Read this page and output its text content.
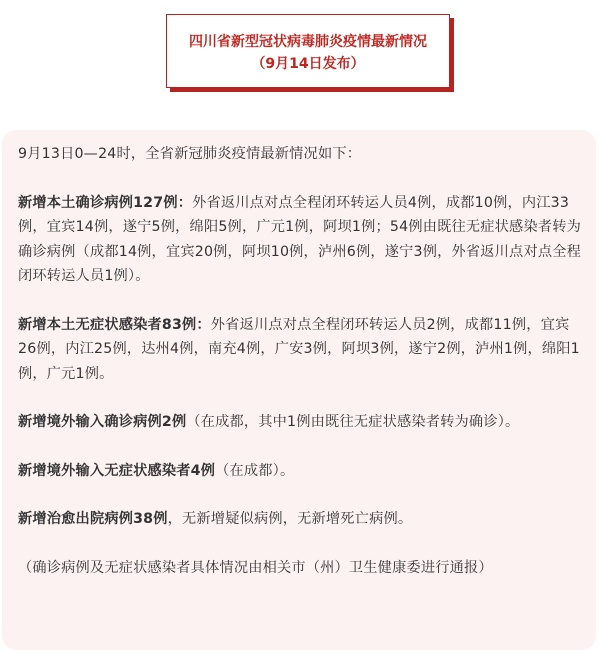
四川省新型冠状病毒肺炎疫情最新情况
（9月14日发布）

9月13日0—24时，全省新冠肺炎疫情最新情况如下：

新增本土确诊病例127例：外省返川点对点全程闭环转运人员4例，成都10例，内江33例，宜宾14例，遂宁5例，绵阳5例，广元1例，阿坝1例；54例由既往无症状感染者转为确诊病例（成都14例，宜宾20例，阿坝10例，泸州6例，遂宁3例，外省返川点对点全程闭环转运人员1例）。

新增本土无症状感染者83例：外省返川点对点全程闭环转运人员2例，成都11例，宜宾26例，内江25例，达州4例，南充4例，广安3例，阿坝3例，遂宁2例，泸州1例，绵阳1例，广元1例。

新增境外输入确诊病例2例（在成都，其中1例由既往无症状感染者转为确诊）。

新增境外输入无症状感染者4例（在成都）。

新增治愈出院病例38例，无新增疑似病例，无新增死亡病例。

（确诊病例及无症状感染者具体情况由相关市（州）卫生健康委进行通报）
